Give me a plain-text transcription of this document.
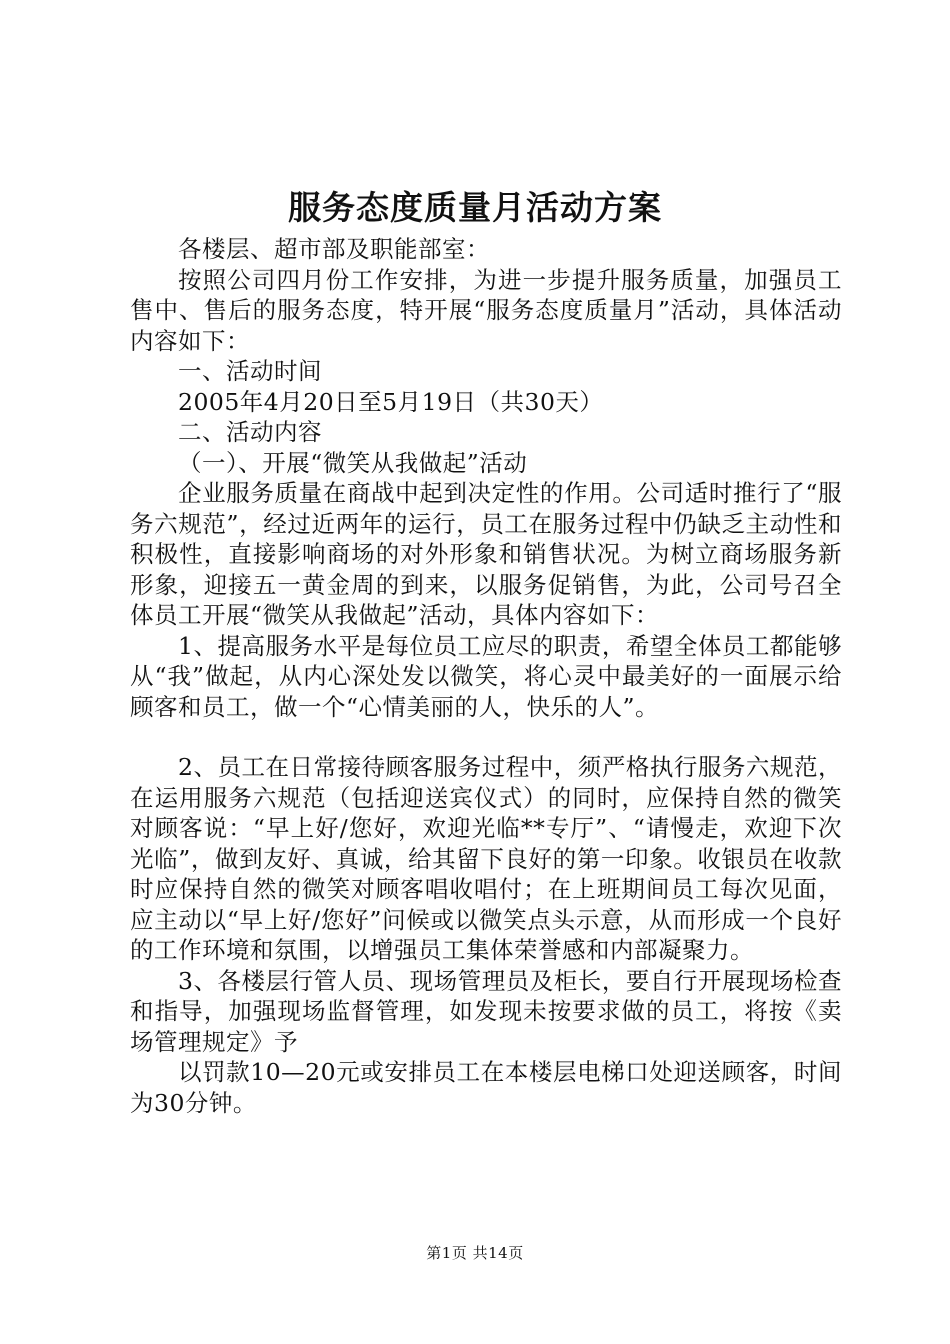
服务态度质量月活动方案

各楼层、超市部及职能部室：

按照公司四月份工作安排，为进一步提升服务质量，加强员工售中、售后的服务态度，特开展“服务态度质量月”活动，具体活动内容如下：

一、活动时间

2005年4月20日至5月19日（共30天）

二、活动内容

（一）、开展“微笑从我做起”活动

企业服务质量在商战中起到决定性的作用。公司适时推行了“服务六规范”，经过近两年的运行，员工在服务过程中仍缺乏主动性和积极性，直接影响商场的对外形象和销售状况。为树立商场服务新形象，迎接五一黄金周的到来，以服务促销售，为此，公司号召全体员工开展“微笑从我做起”活动，具体内容如下：

1、提高服务水平是每位员工应尽的职责，希望全体员工都能够从“我”做起，从内心深处发以微笑，将心灵中最美好的一面展示给顾客和员工，做一个“心情美丽的人，快乐的人”。

2、员工在日常接待顾客服务过程中，须严格执行服务六规范，在运用服务六规范（包括迎送宾仪式）的同时，应保持自然的微笑对顾客说：“早上好/您好，欢迎光临**专厅”、“请慢走，欢迎下次光临”，做到友好、真诚，给其留下良好的第一印象。收银员在收款时应保持自然的微笑对顾客唱收唱付；在上班期间员工每次见面，应主动以“早上好/您好”问候或以微笑点头示意，从而形成一个良好的工作环境和氛围，以增强员工集体荣誉感和内部凝聚力。

3、各楼层行管人员、现场管理员及柜长，要自行开展现场检查和指导，加强现场监督管理，如发现未按要求做的员工，将按《卖场管理规定》予

以罚款10—20元或安排员工在本楼层电梯口处迎送顾客，时间为30分钟。

第1页 共14页
